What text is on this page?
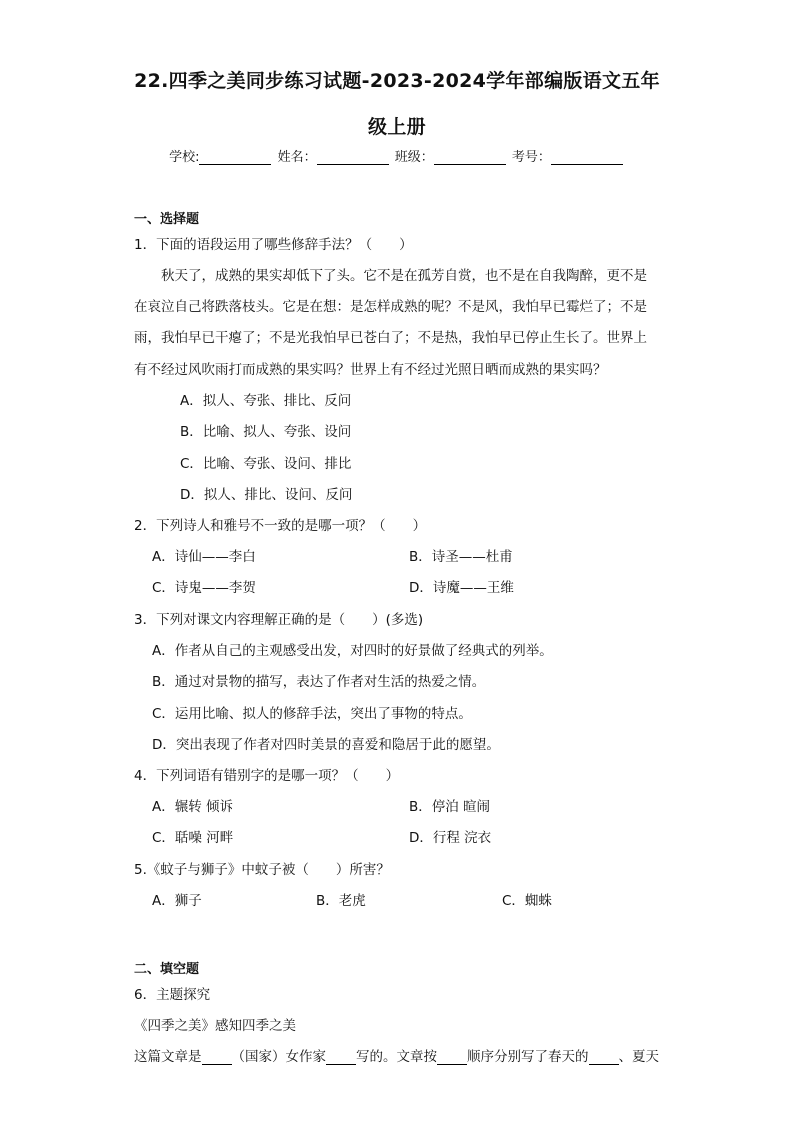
22.四季之美同步练习试题-2023-2024学年部编版语文五年
级上册
学校:	姓名：	班级：	考号：
一、选择题
1．下面的语段运用了哪些修辞手法？（　　）
　　秋天了，成熟的果实却低下了头。它不是在孤芳自赏，也不是在自我陶醉，更不是
在哀泣自己将跌落枝头。它是在想：是怎样成熟的呢？不是风，我怕早已霉烂了；不是
雨，我怕早已干瘪了；不是光我怕早已苍白了；不是热，我怕早已停止生长了。世界上
有不经过风吹雨打而成熟的果实吗？世界上有不经过光照日晒而成熟的果实吗？
A．拟人、夸张、排比、反问
B．比喻、拟人、夸张、设问
C．比喻、夸张、设问、排比
D．拟人、排比、设问、反问
2．下列诗人和雅号不一致的是哪一项？（　　）
A．诗仙——李白	B．诗圣——杜甫
C．诗鬼——李贺	D．诗魔——王维
3．下列对课文内容理解正确的是（　　）(多选)
A．作者从自己的主观感受出发，对四时的好景做了经典式的列举。
B．通过对景物的描写，表达了作者对生活的热爱之情。
C．运用比喻、拟人的修辞手法，突出了事物的特点。
D．突出表现了作者对四时美景的喜爱和隐居于此的愿望。
4．下列词语有错别字的是哪一项？（　　）
A．辗转 倾诉	B．停泊 暄闹
C．聒噪 河畔	D．行程 浣衣
5.《蚊子与狮子》中蚊子被（　　）所害？
A．狮子	B．老虎	C．蜘蛛
二、填空题
6．主题探究
《四季之美》感知四季之美
这篇文章是 （国家）女作家 写的。文章按 顺序分别写了春天的 、夏天
